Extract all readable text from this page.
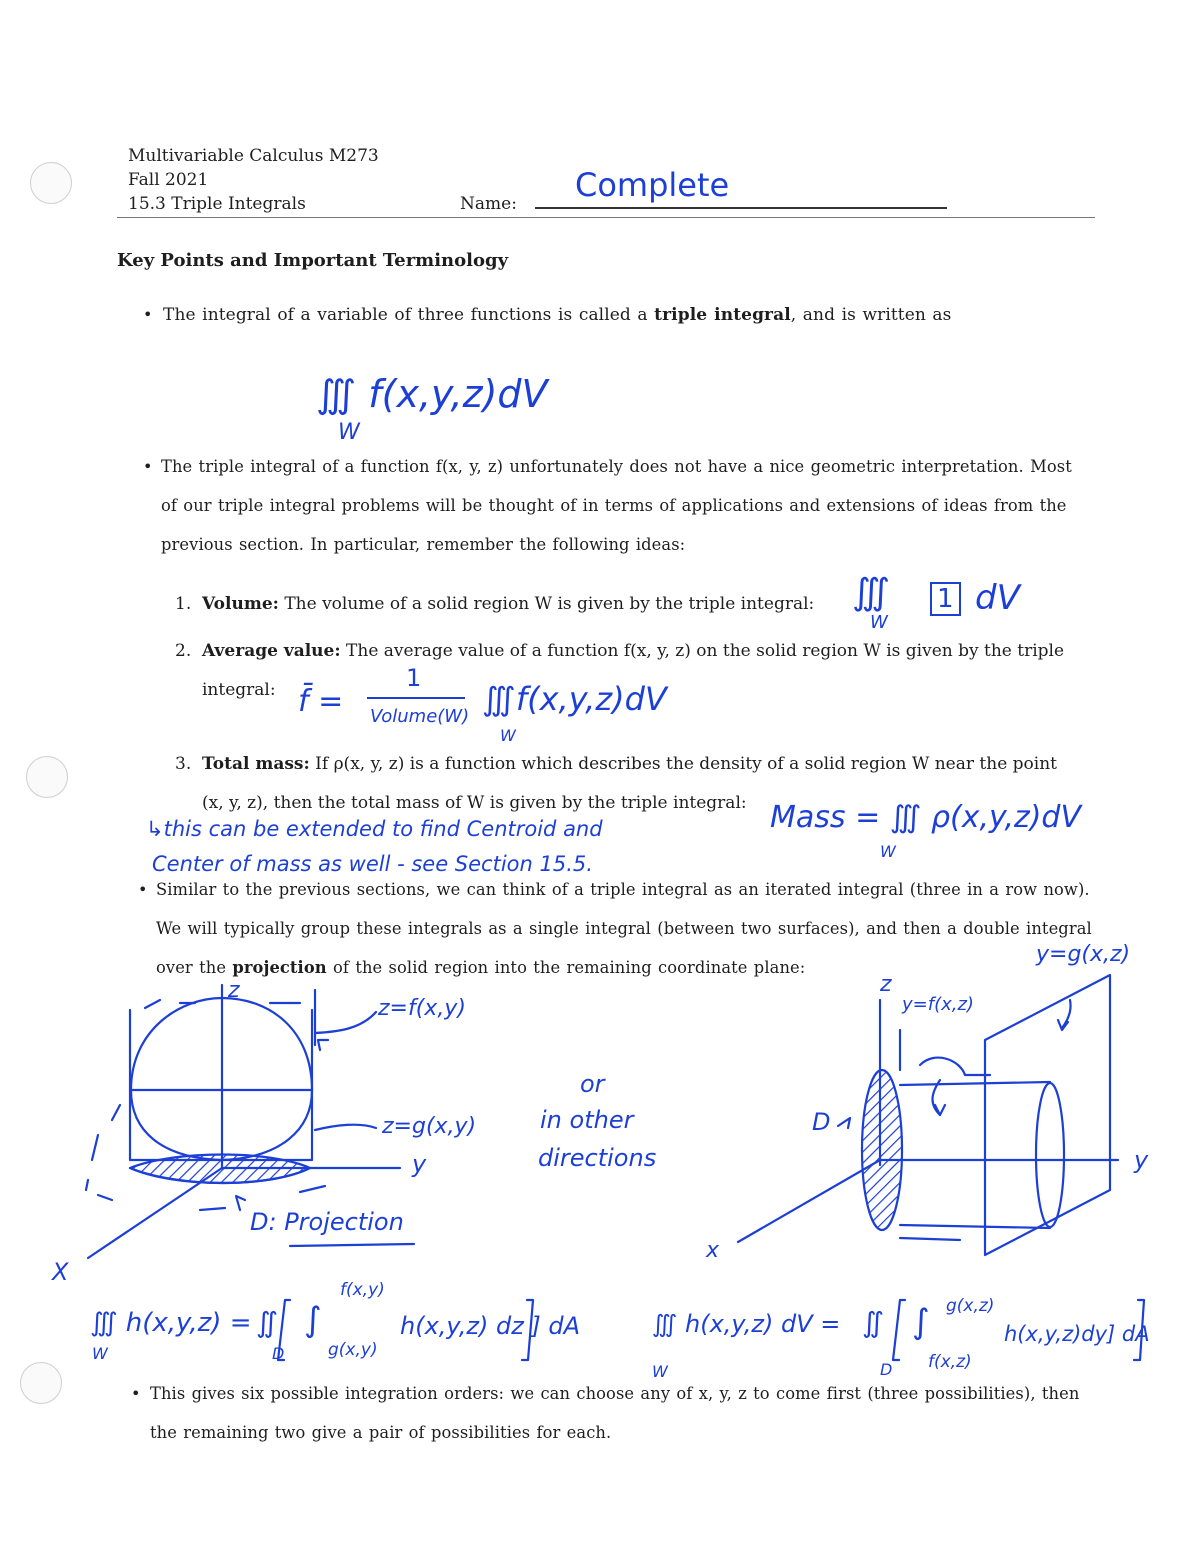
Multivariable Calculus M273
Fall 2021
15.3 Triple Integrals	Name: Complete
Key Points and Important Terminology
• The integral of a variable of three functions is called a triple integral, and is written as
∭ f(x,y,z)dV
W
• The triple integral of a function f(x, y, z) unfortunately does not have a nice geometric interpretation. Most
of our triple integral problems will be thought of in terms of applications and extensions of ideas from the
previous section. In particular, remember the following ideas:
1. Volume: The volume of a solid region W is given by the triple integral: ∭ 1 dV
W
2. Average value: The average value of a function f(x, y, z) on the solid region W is given by the triple
integral: f̄ =
1
Volume(W) ∭f(x,y,z)dV
W
3. Total mass: If ρ(x, y, z) is a function which describes the density of a solid region W near the point
(x, y, z), then the total mass of W is given by the triple integral: Mass = ∭ ρ(x,y,z)dV
W
↳this can be extended to find Centroid and
Center of mass as well - see Section 15.5.
• Similar to the previous sections, we can think of a triple integral as an iterated integral (three in a row now).
We will typically group these integrals as a single integral (between two surfaces), and then a double integral
over the projection of the solid region into the remaining coordinate plane:
z
z=f(x,y)
z=g(x,y)
y
X
D: Projection
or
in other
directions
z
y=f(x,z)
y=g(x,z)
D
y
x
∭ h(x,y,z) =
W
∬
D
∫
f(x,y)
g(x,y)
h(x,y,z) dz ] dA	∭ h(x,y,z) dV =
W
∬
D
∫ g(x,z)
f(x,z)
h(x,y,z)dy] dA
• This gives six possible integration orders: we can choose any of x, y, z to come first (three possibilities), then
the remaining two give a pair of possibilities for each.
